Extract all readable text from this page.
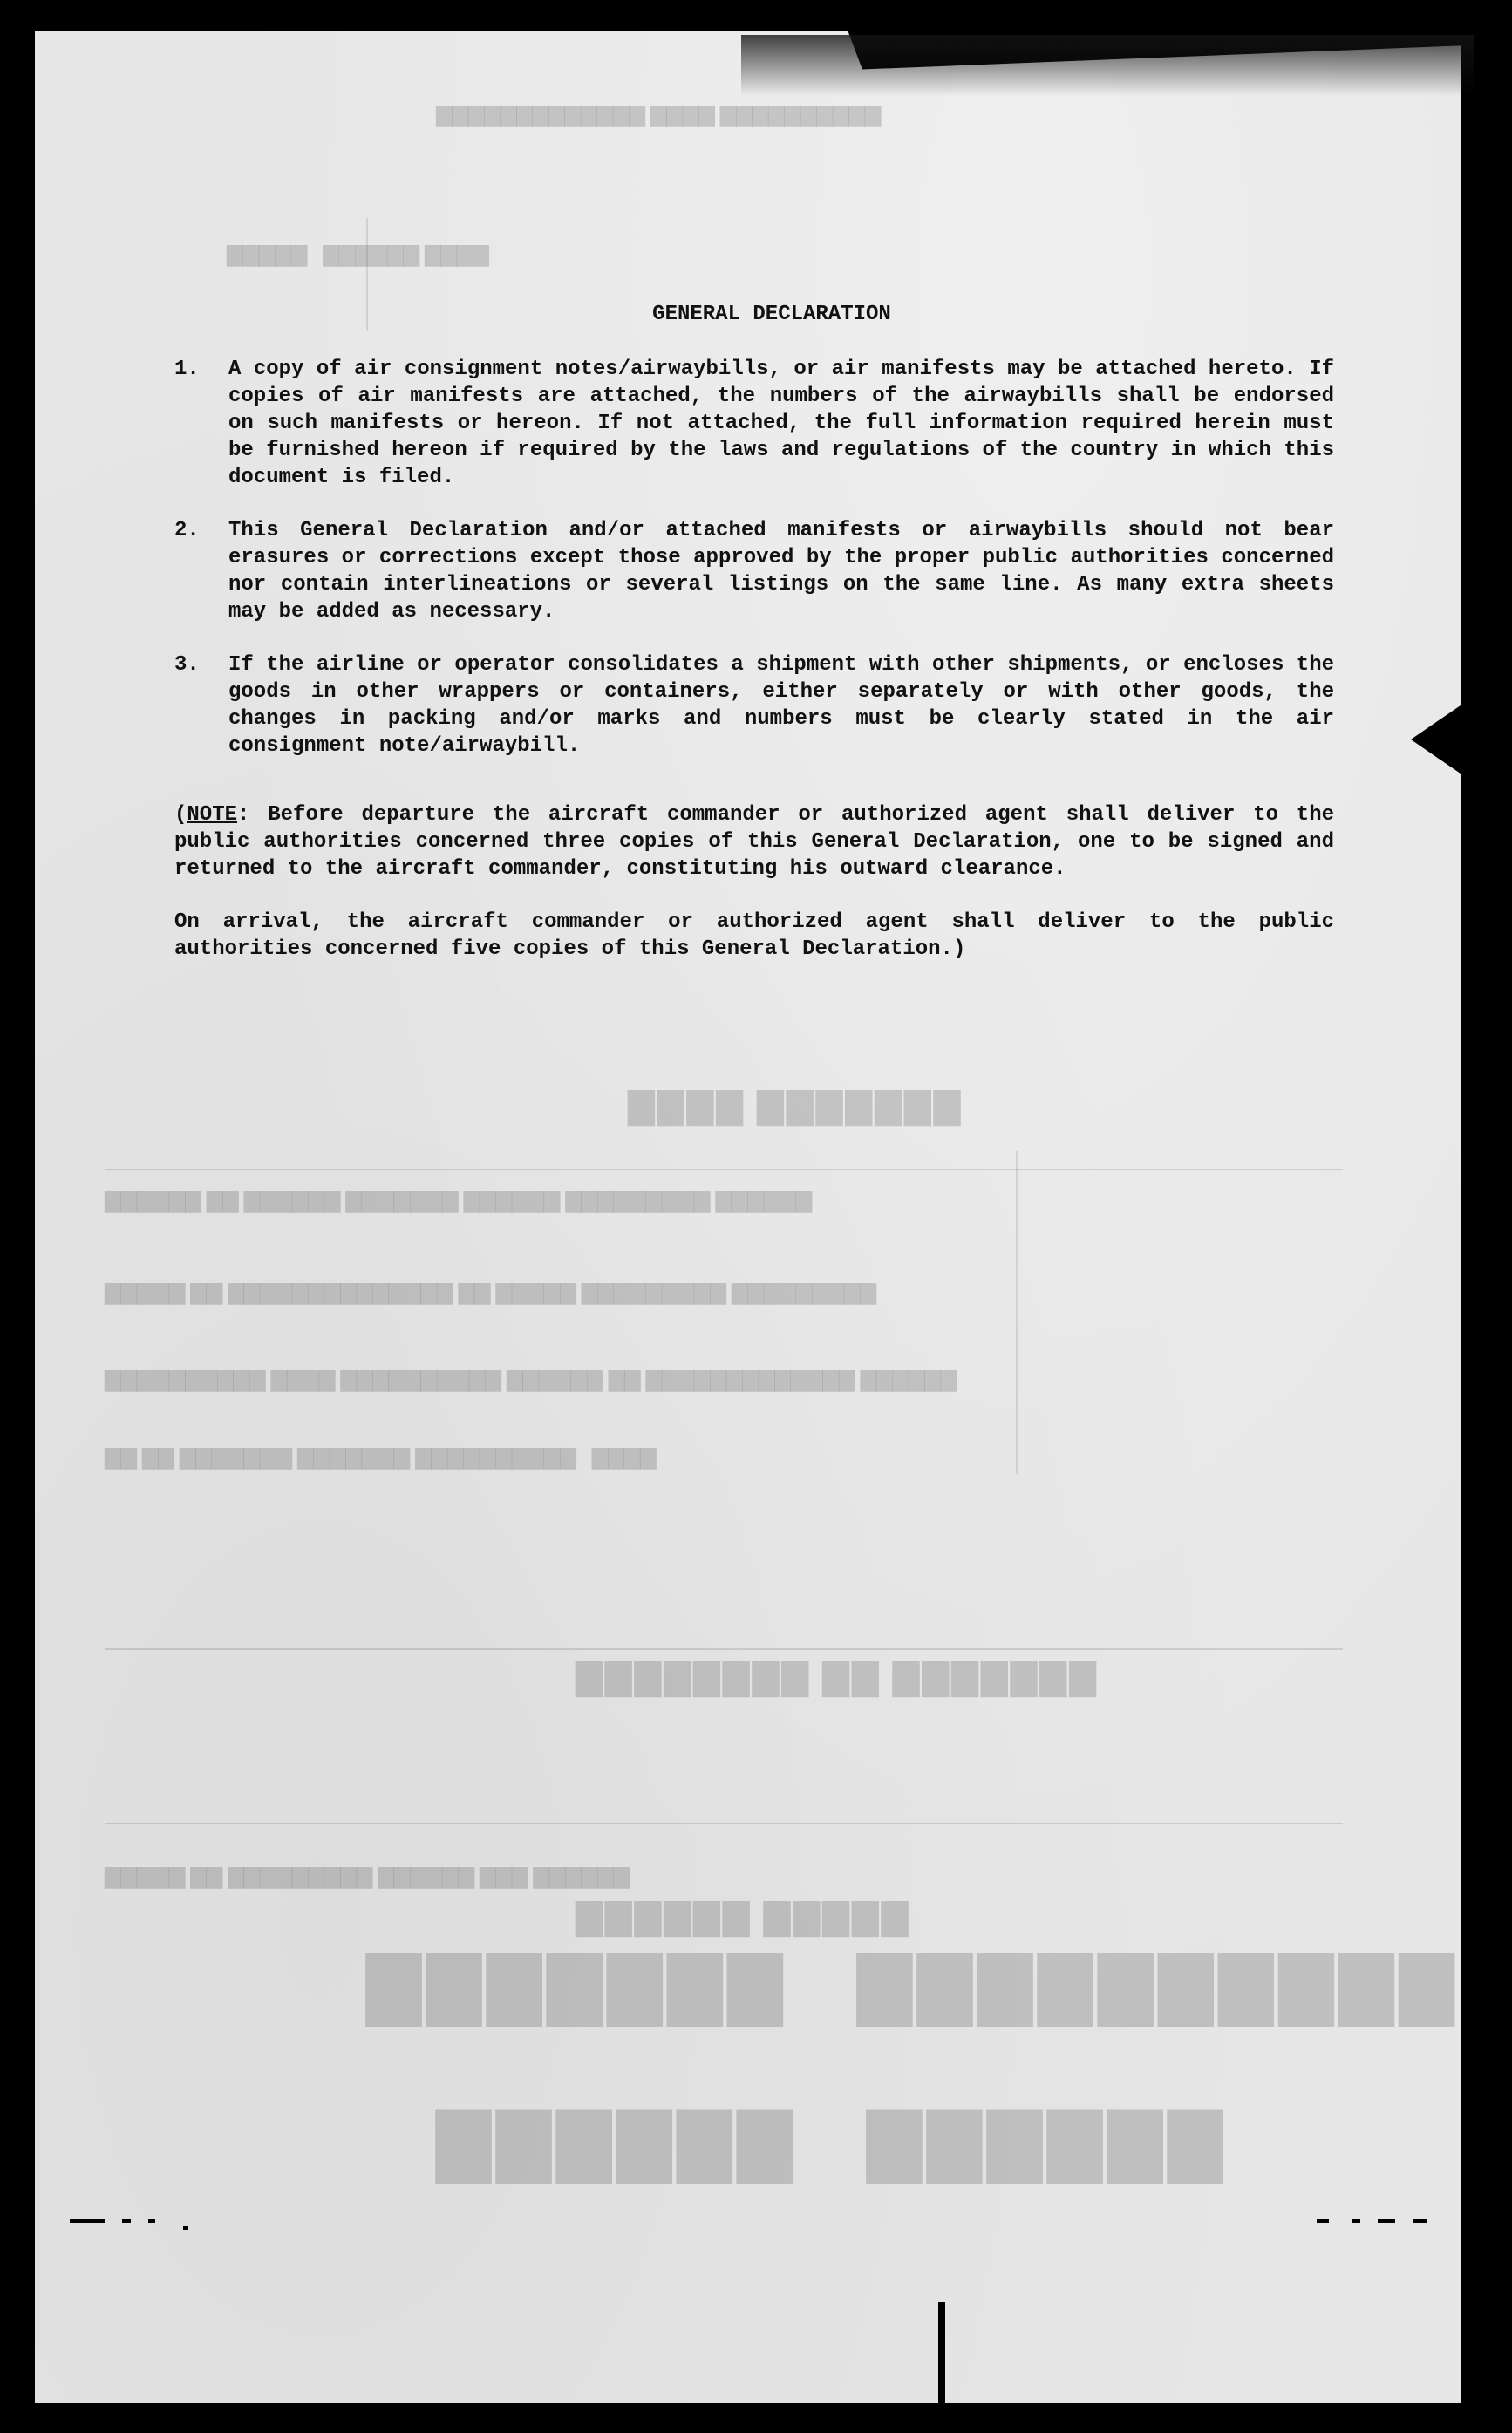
▇▇▇▇▇▇   ▇▇▇▇▇▇
▇▇▇▇▇▇▇   ▇▇▇▇▇▇▇▇▇▇
▇▇▇▇▇▇ ▇▇▇▇▇
▇▇▇▇▇▇▇▇ ▇▇ ▇▇▇▇▇▇▇
▇▇▇▇ ▇▇▇▇▇▇▇
▇▇▇▇▇▇ ▇▇ ▇▇▇▇▇▇ ▇▇▇▇▇▇▇ ▇▇▇▇▇▇ ▇▇▇▇▇▇▇▇▇ ▇▇▇▇▇▇
▇▇▇▇▇ ▇▇ ▇▇▇▇▇▇▇▇▇▇▇▇▇▇ ▇▇ ▇▇▇▇▇ ▇▇▇▇▇▇▇▇▇ ▇▇▇▇▇▇▇▇▇
▇▇▇▇▇▇▇▇▇▇ ▇▇▇▇ ▇▇▇▇▇▇▇▇▇▇ ▇▇▇▇▇▇ ▇▇ ▇▇▇▇▇▇▇▇▇▇▇▇▇ ▇▇▇▇▇▇
▇▇ ▇▇ ▇▇▇▇▇▇▇ ▇▇▇▇▇▇▇ ▇▇▇▇▇▇▇▇▇▇   ▇▇▇▇
▇▇▇▇▇ ▇▇ ▇▇▇▇▇▇▇▇▇ ▇▇▇▇▇▇ ▇▇▇ ▇▇▇▇▇▇
▇▇▇▇▇   ▇▇▇▇▇▇ ▇▇▇▇
▇▇▇▇▇▇▇▇▇▇▇▇▇ ▇▇▇▇ ▇▇▇▇▇▇▇▇▇▇
GENERAL DECLARATION
1.	A copy of air consignment notes/airwaybills, or air manifests may be attached hereto. If copies of air manifests are attached, the numbers of the airwaybills shall be endorsed on such manifests or hereon. If not attached, the full information required herein must be furnished hereon if required by the laws and regulations of the country in which this document is filed.
2.	This General Declaration and/or attached manifests or airwaybills should not bear erasures or corrections except those approved by the proper public authorities concerned nor contain interlineations or several listings on the same line. As many extra sheets may be added as necessary.
3.	If the airline or operator consolidates a shipment with other shipments, or encloses the goods in other wrappers or containers, either separately or with other goods, the changes in packing and/or marks and numbers must be clearly stated in the air consignment note/airwaybill.
(NOTE: Before departure the aircraft commander or authorized agent shall deliver to the public authorities concerned three copies of this General Declaration, one to be signed and returned to the aircraft commander, constituting his outward clearance.
On arrival, the aircraft commander or authorized agent shall deliver to the public authorities concerned five copies of this General Declaration.)
